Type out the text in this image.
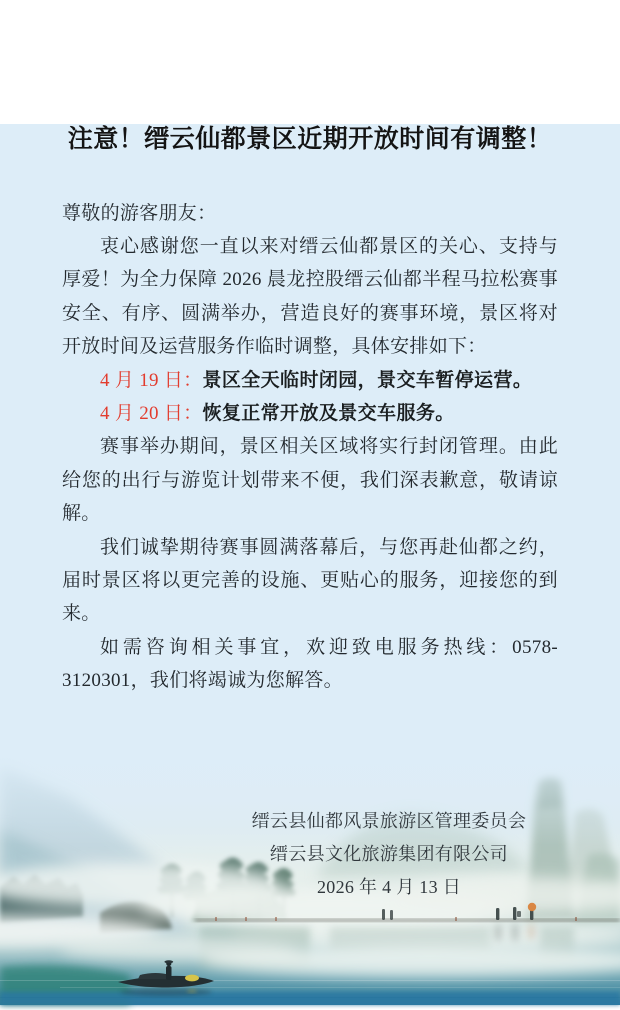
注意！缙云仙都景区近期开放时间有调整！

尊敬的游客朋友：

衷心感谢您一直以来对缙云仙都景区的关心、支持与厚爱！为全力保障 2026 晨龙控股缙云仙都半程马拉松赛事安全、有序、圆满举办，营造良好的赛事环境，景区将对开放时间及运营服务作临时调整，具体安排如下：

4 月 19 日：景区全天临时闭园，景交车暂停运营。

4 月 20 日：恢复正常开放及景交车服务。

赛事举办期间，景区相关区域将实行封闭管理。由此给您的出行与游览计划带来不便，我们深表歉意，敬请谅解。

我们诚挚期待赛事圆满落幕后，与您再赴仙都之约，届时景区将以更完善的设施、更贴心的服务，迎接您的到来。

如需咨询相关事宜，欢迎致电服务热线：0578-3120301，我们将竭诚为您解答。

缙云县仙都风景旅游区管理委员会
缙云县文化旅游集团有限公司
2026 年 4 月 13 日
